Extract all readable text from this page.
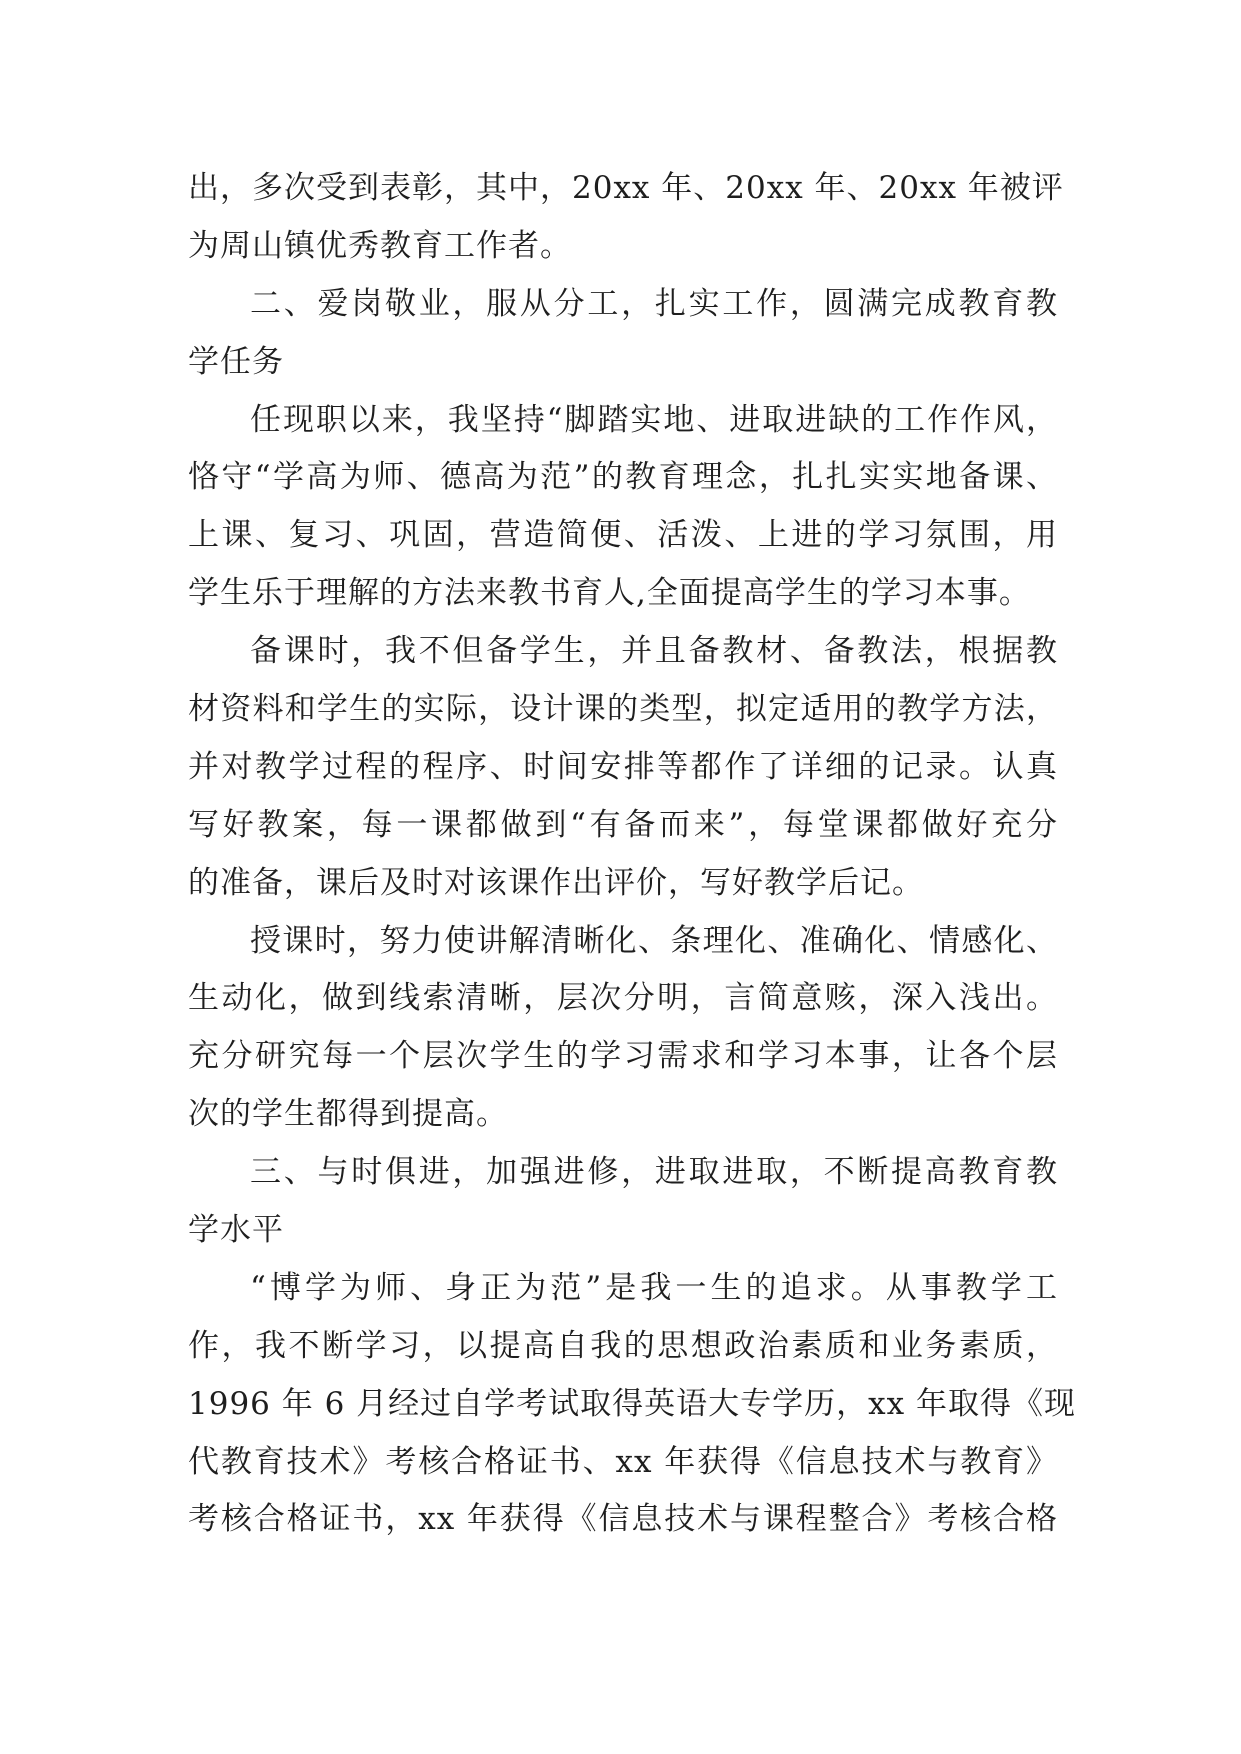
出，多次受到表彰，其中，20xx 年、20xx 年、20xx 年被评
为周山镇优秀教育工作者。
二、爱岗敬业，服从分工，扎实工作，圆满完成教育教
学任务
任现职以来，我坚持“脚踏实地、进取进缺的工作作风，
恪守“学高为师、德高为范”的教育理念，扎扎实实地备课、
上课、复习、巩固，营造简便、活泼、上进的学习氛围，用
学生乐于理解的方法来教书育人,全面提高学生的学习本事。
备课时，我不但备学生，并且备教材、备教法，根据教
材资料和学生的实际，设计课的类型，拟定适用的教学方法，
并对教学过程的程序、时间安排等都作了详细的记录。认真
写好教案，每一课都做到“有备而来”，每堂课都做好充分
的准备，课后及时对该课作出评价，写好教学后记。
授课时，努力使讲解清晰化、条理化、准确化、情感化、
生动化，做到线索清晰，层次分明，言简意赅，深入浅出。
充分研究每一个层次学生的学习需求和学习本事，让各个层
次的学生都得到提高。
三、与时俱进，加强进修，进取进取，不断提高教育教
学水平
“博学为师、身正为范”是我一生的追求。从事教学工
作，我不断学习，以提高自我的思想政治素质和业务素质，
1996 年 6 月经过自学考试取得英语大专学历，xx 年取得《现
代教育技术》考核合格证书、xx 年获得《信息技术与教育》
考核合格证书，xx 年获得《信息技术与课程整合》考核合格
